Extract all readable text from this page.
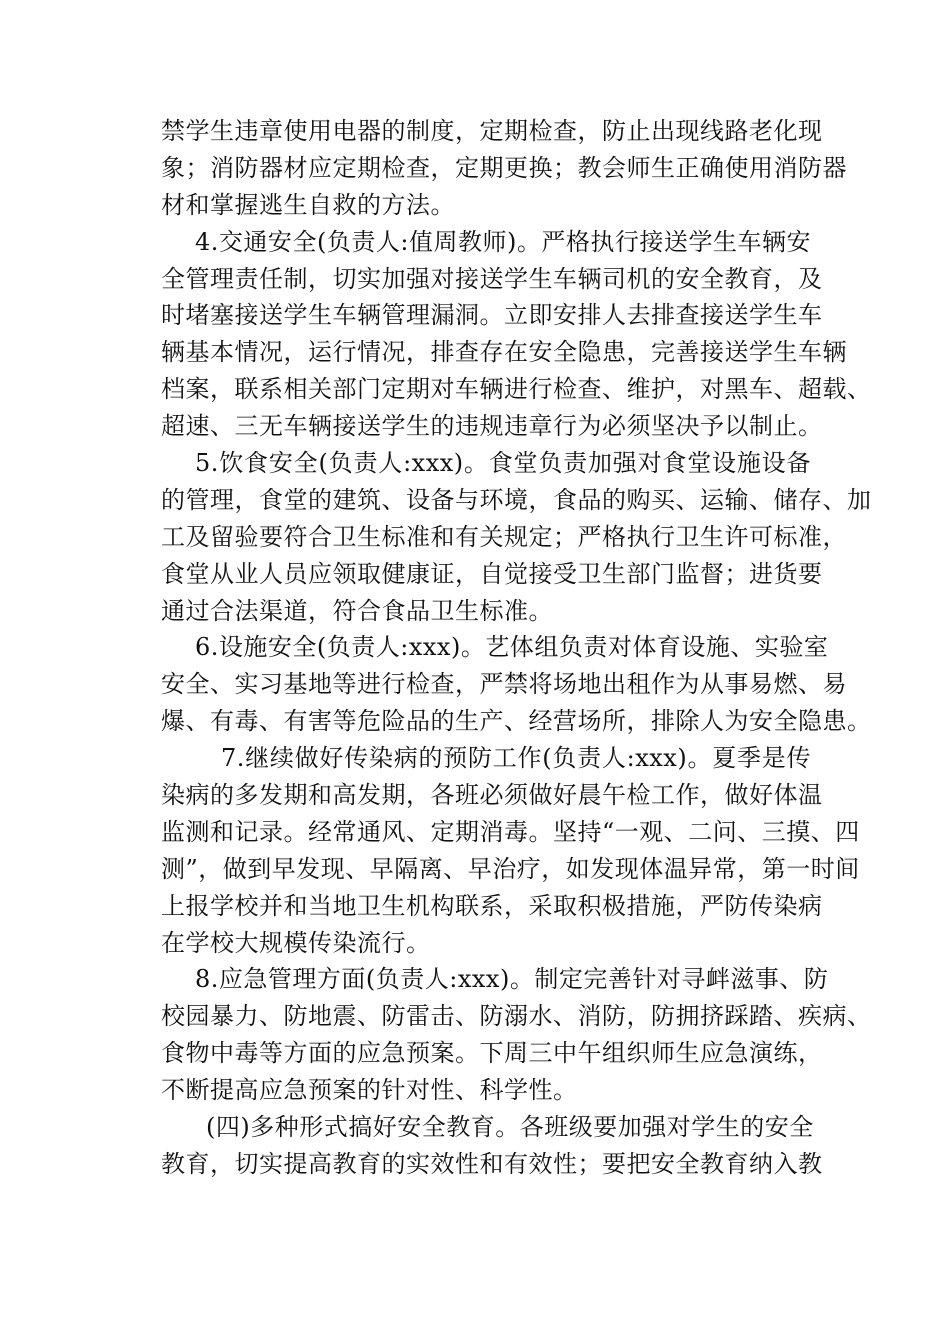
禁学生违章使用电器的制度，定期检查，防止出现线路老化现
象；消防器材应定期检查，定期更换；教会师生正确使用消防器
材和掌握逃生自救的方法。
4.交通安全(负责人:值周教师)。严格执行接送学生车辆安
全管理责任制，切实加强对接送学生车辆司机的安全教育，及
时堵塞接送学生车辆管理漏洞。立即安排人去排查接送学生车
辆基本情况，运行情况，排查存在安全隐患，完善接送学生车辆
档案，联系相关部门定期对车辆进行检查、维护，对黑车、超载、
超速、三无车辆接送学生的违规违章行为必须坚决予以制止。
5.饮食安全(负责人:xxx)。食堂负责加强对食堂设施设备
的管理，食堂的建筑、设备与环境，食品的购买、运输、储存、加
工及留验要符合卫生标准和有关规定；严格执行卫生许可标准，
食堂从业人员应领取健康证，自觉接受卫生部门监督；进货要
通过合法渠道，符合食品卫生标准。
6.设施安全(负责人:xxx)。艺体组负责对体育设施、实验室
安全、实习基地等进行检查，严禁将场地出租作为从事易燃、易
爆、有毒、有害等危险品的生产、经营场所，排除人为安全隐患。
7.继续做好传染病的预防工作(负责人:xxx)。夏季是传
染病的多发期和高发期，各班必须做好晨午检工作，做好体温
监测和记录。经常通风、定期消毒。坚持“一观、二问、三摸、四
测”，做到早发现、早隔离、早治疗，如发现体温异常，第一时间
上报学校并和当地卫生机构联系，采取积极措施，严防传染病
在学校大规模传染流行。
8.应急管理方面(负责人:xxx)。制定完善针对寻衅滋事、防
校园暴力、防地震、防雷击、防溺水、消防，防拥挤踩踏、疾病、
食物中毒等方面的应急预案。下周三中午组织师生应急演练，
不断提高应急预案的针对性、科学性。
(四)多种形式搞好安全教育。各班级要加强对学生的安全
教育，切实提高教育的实效性和有效性；要把安全教育纳入教
